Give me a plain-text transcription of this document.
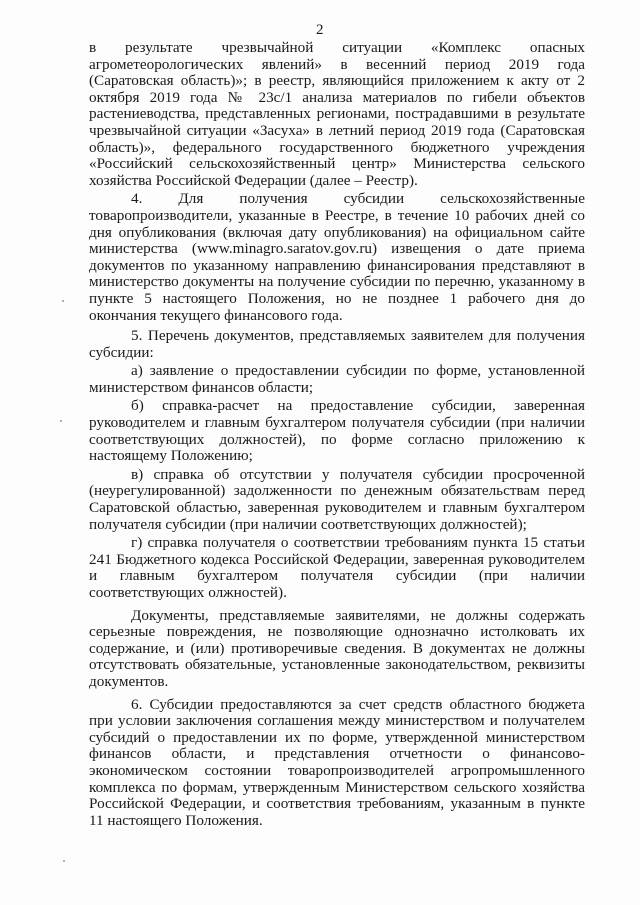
2

в результате чрезвычайной ситуации «Комплекс опасных агрометеорологических явлений» в весенний период 2019 года (Саратовская область)»; в реестр, являющийся приложением к акту от 2 октября 2019 года № 23с/1 анализа материалов по гибели объектов растениеводства, представленных регионами, пострадавшими в результате чрезвычайной ситуации «Засуха» в летний период 2019 года (Саратовская область)», федерального государственного бюджетного учреждения «Российский сельскохозяйственный центр» Министерства сельского хозяйства Российской Федерации (далее – Реестр).

4. Для получения субсидии сельскохозяйственные товаропроизводители, указанные в Реестре, в течение 10 рабочих дней со дня опубликования (включая дату опубликования) на официальном сайте министерства (www.minagro.saratov.gov.ru) извещения о дате приема документов по указанному направлению финансирования представляют в министерство документы на получение субсидии по перечню, указанному в пункте 5 настоящего Положения, но не позднее 1 рабочего дня до окончания текущего финансового года.

5. Перечень документов, представляемых заявителем для получения субсидии:

а) заявление о предоставлении субсидии по форме, установленной министерством финансов области;

б) справка-расчет на предоставление субсидии, заверенная руководителем и главным бухгалтером получателя субсидии (при наличии соответствующих должностей), по форме согласно приложению к настоящему Положению;

в) справка об отсутствии у получателя субсидии просроченной (неурегулированной) задолженности по денежным обязательствам перед Саратовской областью, заверенная руководителем и главным бухгалтером получателя субсидии (при наличии соответствующих должностей);

г) справка получателя о соответствии требованиям пункта 15 статьи 241 Бюджетного кодекса Российской Федерации, заверенная руководителем и главным бухгалтером получателя субсидии (при наличии соответствующих олжностей).

Документы, представляемые заявителями, не должны содержать серьезные повреждения, не позволяющие однозначно истолковать их содержание, и (или) противоречивые сведения. В документах не должны отсутствовать обязательные, установленные законодательством, реквизиты документов.

6. Субсидии предоставляются за счет средств областного бюджета при условии заключения соглашения между министерством и получателем субсидий о предоставлении их по форме, утвержденной министерством финансов области, и представления отчетности о финансово-экономическом состоянии товаропроизводителей агропромышленного комплекса по формам, утвержденным Министерством сельского хозяйства Российской Федерации, и соответствия требованиям, указанным в пункте 11 настоящего Положения.
